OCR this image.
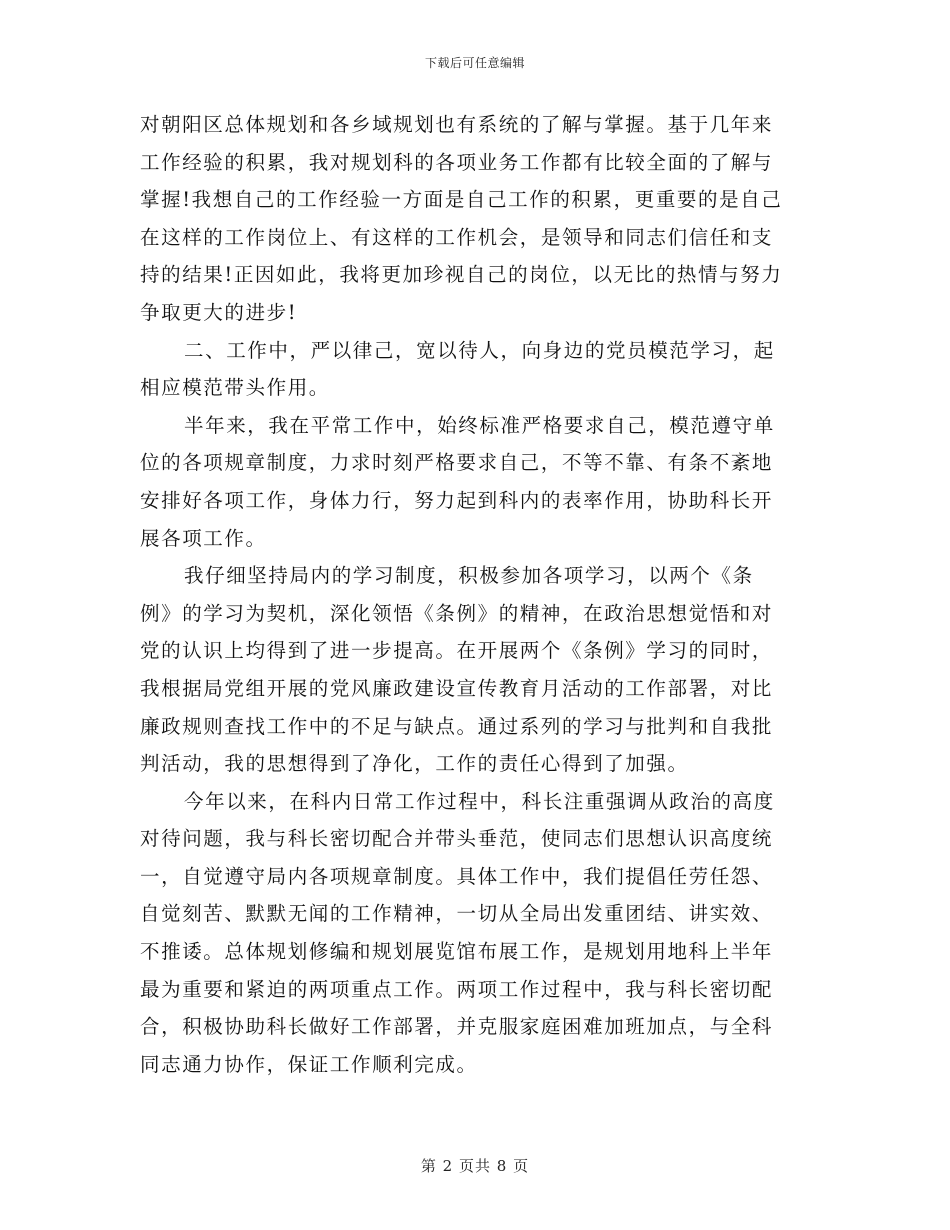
下载后可任意编辑
对朝阳区总体规划和各乡域规划也有系统的了解与掌握。基于几年来
工作经验的积累，我对规划科的各项业务工作都有比较全面的了解与
掌握!我想自己的工作经验一方面是自己工作的积累，更重要的是自己
在这样的工作岗位上、有这样的工作机会，是领导和同志们信任和支
持的结果!正因如此，我将更加珍视自己的岗位，以无比的热情与努力
争取更大的进步!
二、工作中，严以律己，宽以待人，向身边的党员模范学习，起
相应模范带头作用。
半年来，我在平常工作中，始终标准严格要求自己，模范遵守单
位的各项规章制度，力求时刻严格要求自己，不等不靠、有条不紊地
安排好各项工作，身体力行，努力起到科内的表率作用，协助科长开
展各项工作。
我仔细坚持局内的学习制度，积极参加各项学习，以两个《条
例》的学习为契机，深化领悟《条例》的精神，在政治思想觉悟和对
党的认识上均得到了进一步提高。在开展两个《条例》学习的同时，
我根据局党组开展的党风廉政建设宣传教育月活动的工作部署，对比
廉政规则查找工作中的不足与缺点。通过系列的学习与批判和自我批
判活动，我的思想得到了净化，工作的责任心得到了加强。
今年以来，在科内日常工作过程中，科长注重强调从政治的高度
对待问题，我与科长密切配合并带头垂范，使同志们思想认识高度统
一，自觉遵守局内各项规章制度。具体工作中，我们提倡任劳任怨、
自觉刻苦、默默无闻的工作精神，一切从全局出发重团结、讲实效、
不推诿。总体规划修编和规划展览馆布展工作，是规划用地科上半年
最为重要和紧迫的两项重点工作。两项工作过程中，我与科长密切配
合，积极协助科长做好工作部署，并克服家庭困难加班加点，与全科
同志通力协作，保证工作顺利完成。
第 2 页共 8 页
